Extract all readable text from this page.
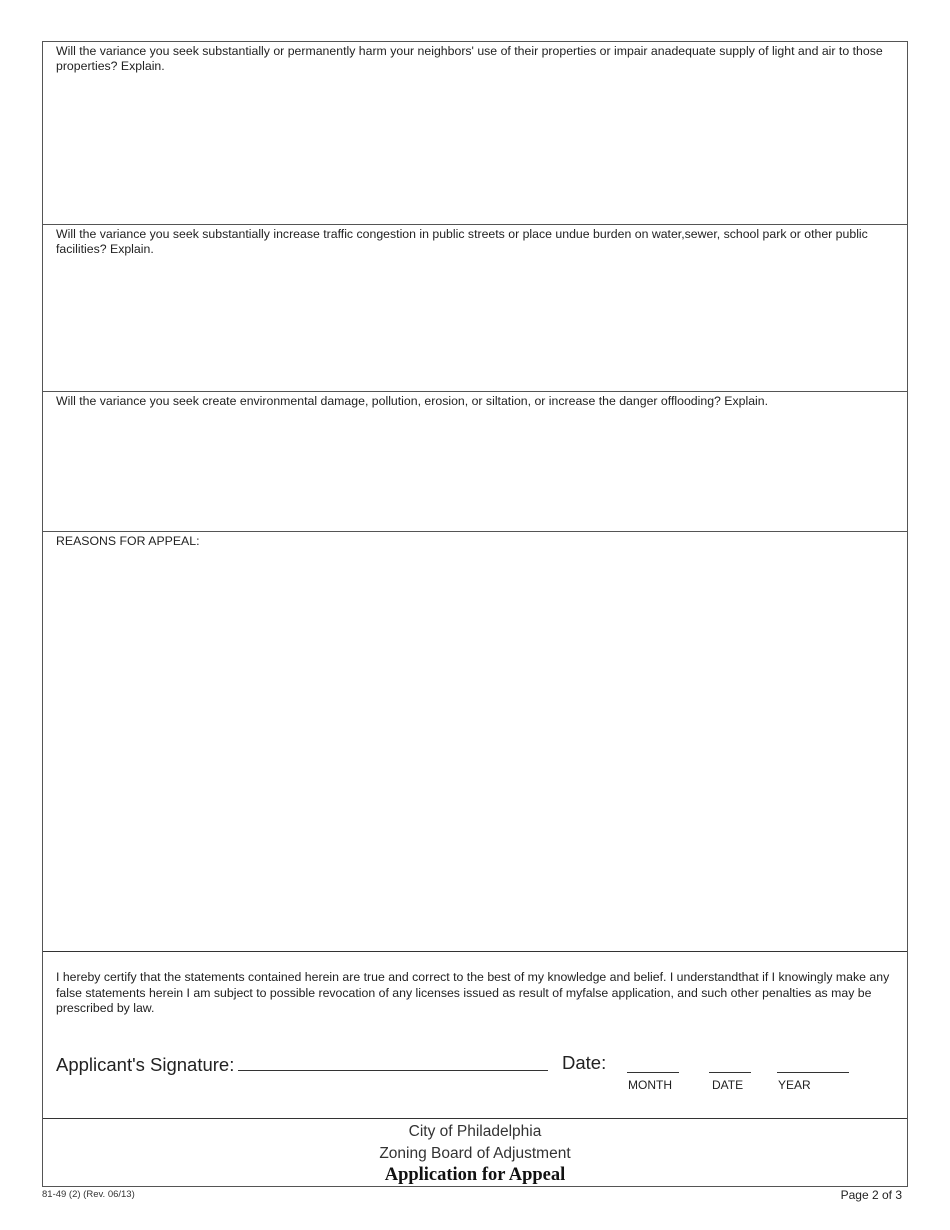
Will the variance you seek substantially or permanently harm your neighbors' use of their properties or impair anadequate supply of light and air to those properties? Explain.
Will the variance you seek substantially increase traffic congestion in public streets or place undue burden on water,sewer, school park or other public facilities? Explain.
Will the variance you seek create environmental damage, pollution, erosion, or siltation, or increase the danger offlooding? Explain.
REASONS FOR APPEAL:
I hereby certify that the statements contained herein are true and correct to the best of my knowledge and belief. I understandthat if I knowingly make any false statements herein I am subject to possible revocation of any licenses issued as result of myfalse application, and such other penalties as may be prescribed by law.
Applicant's Signature:	Date:
MONTH	DATE	YEAR
City of Philadelphia
Zoning Board of Adjustment
Application for Appeal
81-49 (2) (Rev. 06/13)	Page 2 of 3
